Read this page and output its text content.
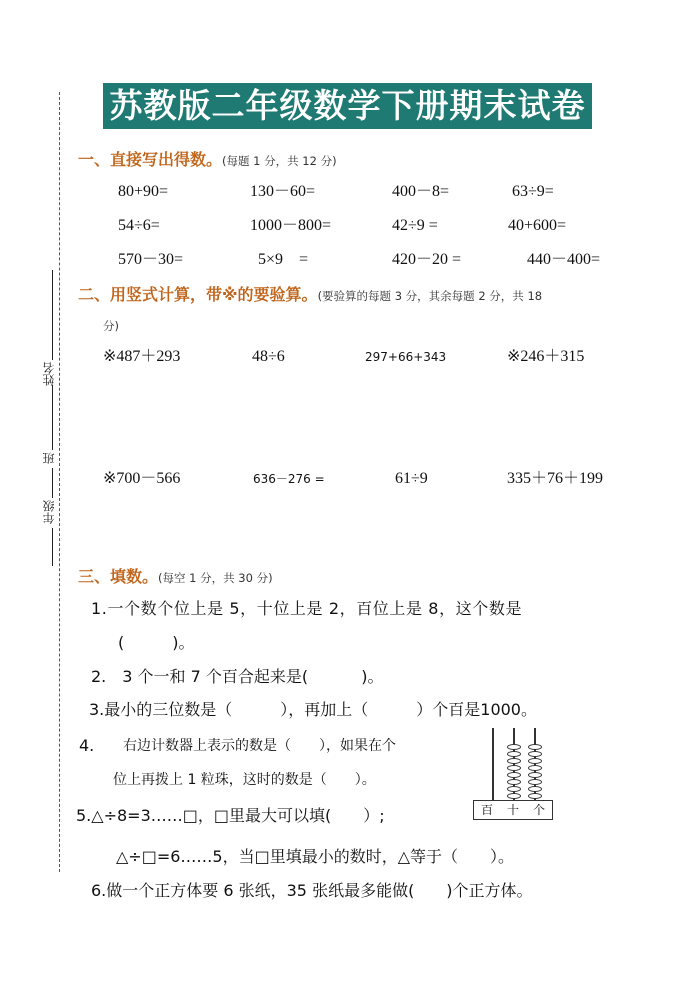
苏教版二年级数学下册期末试卷
姓名
班
年级
一、直接写出得数。(每题 1 分，共 12 分)
80+90=	130－60=	400－8=	63÷9=
54÷6=	1000－800=	42÷9 =	40+600=
570－30=	5×9　=	420－20 =	440－400=
二、用竖式计算，带※的要验算。(要验算的每题 3 分，其余每题 2 分，共 18
分)
※487＋293	48÷6	297+66+343	※246＋315
※700－566	636－276 =	61÷9	335＋76＋199
三、填数。(每空 1 分，共 30 分)
1.一个数个位上是 5，十位上是 2，百位上是 8，这个数是
(　　　)。
2.　3 个一和 7 个百合起来是(　　　 )。
3.最小的三位数是（　　　），再加上（　　　）个百是1000。
4. 右边计数器上表示的数是（　　），如果在个
位上再拨上 1 粒珠，这时的数是（　　）。
百 十 个
5.△÷8=3……□，□里最大可以填(　　）;
△÷□=6……5，当□里填最小的数时，△等于（　　）。
6.做一个正方体要 6 张纸，35 张纸最多能做(　　)个正方体。
